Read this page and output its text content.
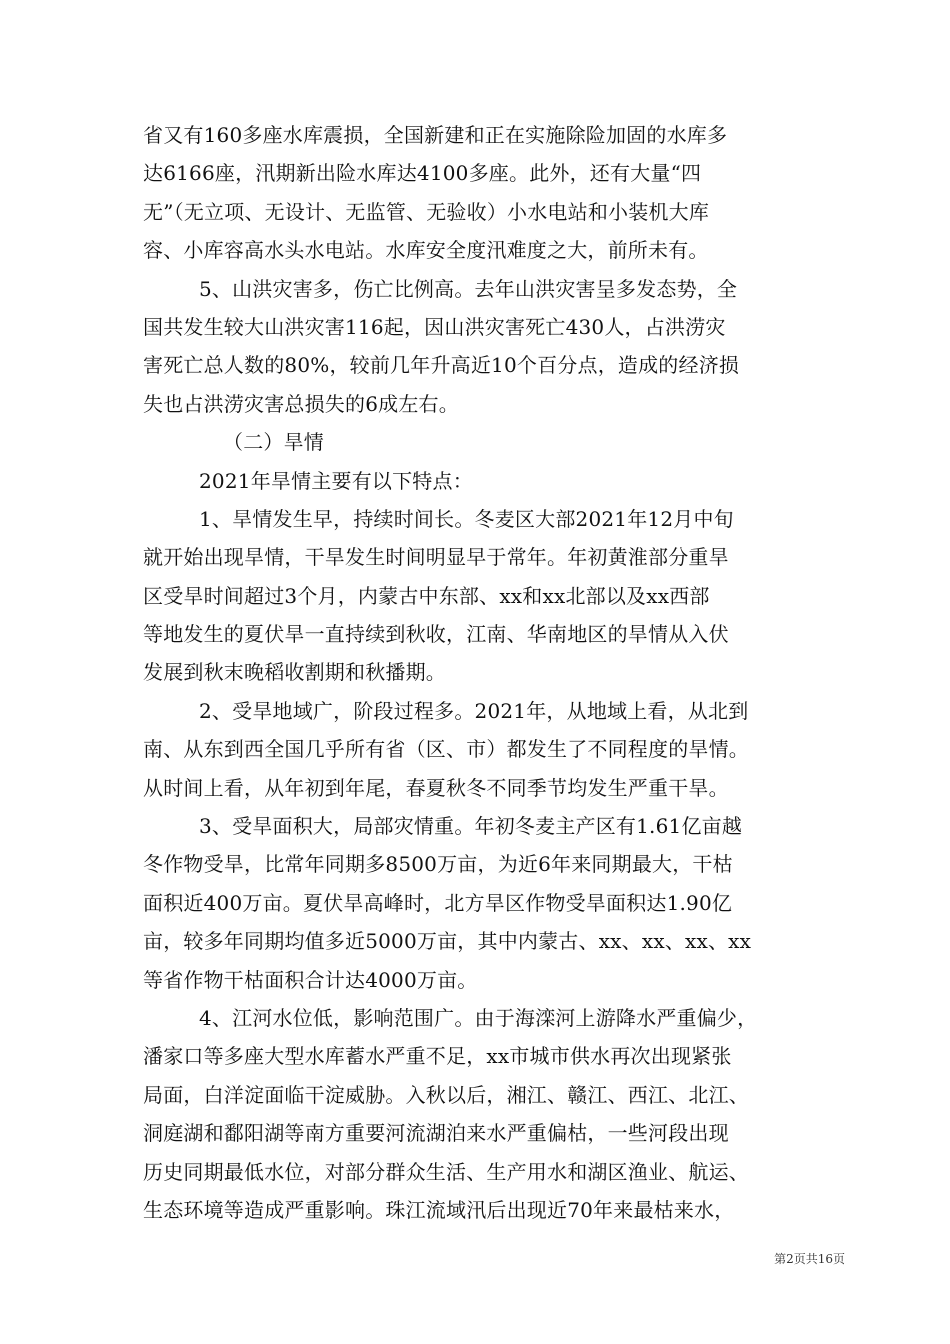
省又有160多座水库震损，全国新建和正在实施除险加固的水库多
达6166座，汛期新出险水库达4100多座。此外，还有大量“四
无”（无立项、无设计、无监管、无验收）小水电站和小装机大库
容、小库容高水头水电站。水库安全度汛难度之大，前所未有。
5、山洪灾害多，伤亡比例高。去年山洪灾害呈多发态势，全
国共发生较大山洪灾害116起，因山洪灾害死亡430人，占洪涝灾
害死亡总人数的80%，较前几年升高近10个百分点，造成的经济损
失也占洪涝灾害总损失的6成左右。
（二）旱情
2021年旱情主要有以下特点：
1、旱情发生早，持续时间长。冬麦区大部2021年12月中旬
就开始出现旱情，干旱发生时间明显早于常年。年初黄淮部分重旱
区受旱时间超过3个月，内蒙古中东部、xx和xx北部以及xx西部
等地发生的夏伏旱一直持续到秋收，江南、华南地区的旱情从入伏
发展到秋末晚稻收割期和秋播期。
2、受旱地域广，阶段过程多。2021年，从地域上看，从北到
南、从东到西全国几乎所有省（区、市）都发生了不同程度的旱情。
从时间上看，从年初到年尾，春夏秋冬不同季节均发生严重干旱。
3、受旱面积大，局部灾情重。年初冬麦主产区有1.61亿亩越
冬作物受旱，比常年同期多8500万亩，为近6年来同期最大，干枯
面积近400万亩。夏伏旱高峰时，北方旱区作物受旱面积达1.90亿
亩，较多年同期均值多近5000万亩，其中内蒙古、xx、xx、xx、xx
等省作物干枯面积合计达4000万亩。
4、江河水位低，影响范围广。由于海滦河上游降水严重偏少，
潘家口等多座大型水库蓄水严重不足，xx市城市供水再次出现紧张
局面，白洋淀面临干淀威胁。入秋以后，湘江、赣江、西江、北江、
洞庭湖和鄱阳湖等南方重要河流湖泊来水严重偏枯，一些河段出现
历史同期最低水位，对部分群众生活、生产用水和湖区渔业、航运、
生态环境等造成严重影响。珠江流域汛后出现近70年来最枯来水，
第2页共16页
